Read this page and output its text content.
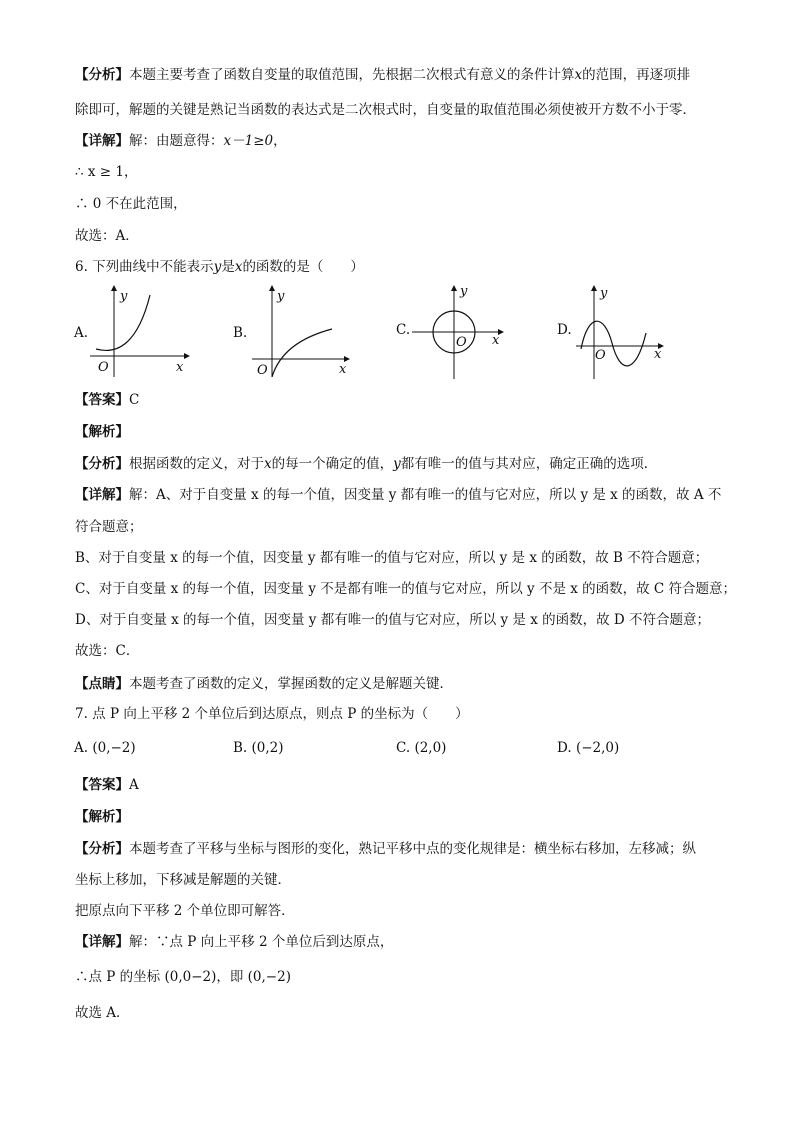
【分析】本题主要考查了函数自变量的取值范围，先根据二次根式有意义的条件计算x的范围，再逐项排
除即可，解题的关键是熟记当函数的表达式是二次根式时，自变量的取值范围必须使被开方数不小于零．
【详解】解：由题意得：x－1≥0，
∴ x ≥ 1，
∴ 0 不在此范围，
故选：A．
6. 下列曲线中不能表示y是x的函数的是（　　）
A.
y
O	x
B.
y
O	x
C.
y
O x
D.
y
O	x
【答案】C
【解析】
【分析】根据函数的定义，对于x的每一个确定的值，y都有唯一的值与其对应，确定正确的选项．
【详解】解：A、对于自变量 x 的每一个值，因变量 y 都有唯一的值与它对应，所以 y 是 x 的函数，故 A 不
符合题意；
B、对于自变量 x 的每一个值，因变量 y 都有唯一的值与它对应，所以 y 是 x 的函数，故 B 不符合题意；
C、对于自变量 x 的每一个值，因变量 y 不是都有唯一的值与它对应，所以 y 不是 x 的函数，故 C 符合题意；
D、对于自变量 x 的每一个值，因变量 y 都有唯一的值与它对应，所以 y 是 x 的函数，故 D 不符合题意；
故选：C．
【点睛】本题考查了函数的定义，掌握函数的定义是解题关键．
7. 点 P 向上平移 2 个单位后到达原点，则点 P 的坐标为（　　）
A. (0,−2)	B. (0,2)	C. (2,0)	D. (−2,0)
【答案】A
【解析】
【分析】本题考查了平移与坐标与图形的变化，熟记平移中点的变化规律是：横坐标右移加，左移减；纵
坐标上移加，下移减是解题的关键．
把原点向下平移 2 个单位即可解答．
【详解】解：∵点 P 向上平移 2 个单位后到达原点，
∴点 P 的坐标 (0,0−2)，即 (0,−2)
故选 A．
